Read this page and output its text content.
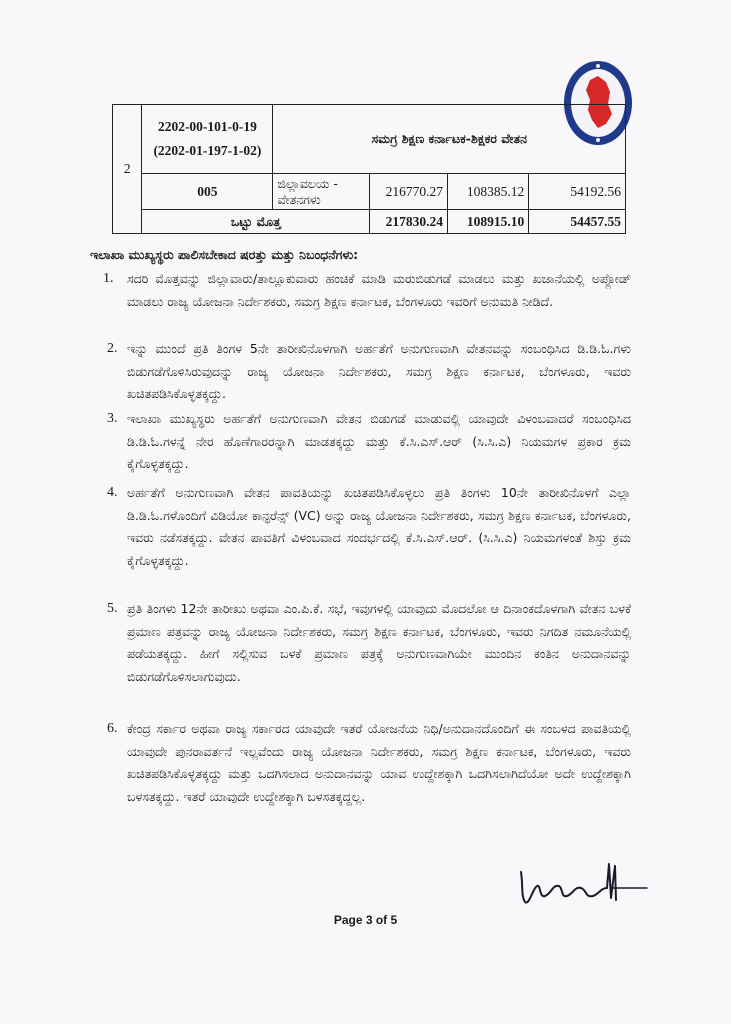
2	2202-00-101-0-19
(2202-01-197-1-02)	ಸಮಗ್ರ ಶಿಕ್ಷಣ ಕರ್ನಾಟಕ-ಶಿಕ್ಷಕರ ವೇತನ			
	005	ಜಿಲ್ಲಾವಲಯ - ವೇತನಗಳು	216770.27	108385.12	54192.56
	ಒಟ್ಟು ಮೊತ್ತ		217830.24	108915.10	54457.55
ಇಲಾಖಾ ಮುಖ್ಯಸ್ಥರು ಪಾಲಿಸಬೇಕಾದ ಷರತ್ತು ಮತ್ತು ನಿಬಂಧನೆಗಳು:
1.	ಸದರಿ ಮೊತ್ತವನ್ನು ಜಿಲ್ಲಾವಾರು/ತಾಲ್ಲೂಕುವಾರು ಹಂಚಿಕೆ ಮಾಡಿ ಮರುಬಿಡುಗಡೆ ಮಾಡಲು ಮತ್ತು ಖಜಾನೆಯಲ್ಲಿ ಅಪ್ಲೋಡ್ ಮಾಡಲು ರಾಜ್ಯ ಯೋಜನಾ ನಿರ್ದೇಶಕರು, ಸಮಗ್ರ ಶಿಕ್ಷಣ ಕರ್ನಾಟಕ, ಬೆಂಗಳೂರು ಇವರಿಗೆ ಅನುಮತಿ ನೀಡಿದೆ.
2. ಇನ್ನು ಮುಂದೆ ಪ್ರತಿ ತಿಂಗಳ 5ನೇ ತಾರೀಖಿನೊಳಗಾಗಿ ಅರ್ಹತೆಗೆ ಅನುಗುಣವಾಗಿ ವೇತನವನ್ನು ಸಂಬಂಧಿಸಿದ ಡಿ.ಡಿ.ಓ.ಗಳು ಬಿಡುಗಡೆಗೊಳಿಸಿರುವುದನ್ನು ರಾಜ್ಯ ಯೋಜನಾ ನಿರ್ದೇಶಕರು, ಸಮಗ್ರ ಶಿಕ್ಷಣ ಕರ್ನಾಟಕ, ಬೆಂಗಳೂರು, ಇವರು ಖಚಿತಪಡಿಸಿಕೊಳ್ಳತಕ್ಕದ್ದು.
3. ಇಲಾಖಾ ಮುಖ್ಯಸ್ಥರು ಅರ್ಹತೆಗೆ ಅನುಗುಣವಾಗಿ ವೇತನ ಬಿಡುಗಡೆ ಮಾಡುವಲ್ಲಿ ಯಾವುದೇ ವಿಳಂಬವಾದರೆ ಸಂಬಂಧಿಸಿದ ಡಿ.ಡಿ.ಓ.ಗಳನ್ನೆ ನೇರ ಹೊಣೆಗಾರರನ್ನಾಗಿ ಮಾಡತಕ್ಕದ್ದು ಮತ್ತು ಕೆ.ಸಿ.ಎಸ್.ಆರ್ (ಸಿ.ಸಿ.ಎ) ನಿಯಮಗಳ ಪ್ರಕಾರ ಕ್ರಮ ಕೈಗೊಳ್ಳತಕ್ಕದ್ದು.
4. ಅರ್ಹತೆಗೆ ಅನುಗುಣವಾಗಿ ವೇತನ ಪಾವತಿಯನ್ನು ಖಚಿತಪಡಿಸಿಕೊಳ್ಳಲು ಪ್ರತಿ ತಿಂಗಳು 10ನೇ ತಾರೀಖಿನೊಳಗೆ ಎಲ್ಲಾ ಡಿ.ಡಿ.ಓ.ಗಳೊಂದಿಗೆ ವಿಡಿಯೋ ಕಾನ್ಫರೆನ್ಸ್ (VC) ಅನ್ನು ರಾಜ್ಯ ಯೋಜನಾ ನಿರ್ದೇಶಕರು, ಸಮಗ್ರ ಶಿಕ್ಷಣ ಕರ್ನಾಟಕ, ಬೆಂಗಳೂರು, ಇವರು ನಡೆಸತಕ್ಕದ್ದು. ವೇತನ ಪಾವತಿಗೆ ವಿಳಂಬವಾದ ಸಂದರ್ಭದಲ್ಲಿ ಕೆ.ಸಿ.ಎಸ್.ಆರ್. (ಸಿ.ಸಿ.ಎ) ನಿಯಮಗಳಂತೆ ಶಿಸ್ತು ಕ್ರಮ ಕೈಗೊಳ್ಳತಕ್ಕದ್ದು.
5. ಪ್ರತಿ ತಿಂಗಳು 12ನೇ ತಾರೀಖು ಅಥವಾ ಎಂ.ಪಿ.ಕೆ. ಸಭೆ, ಇವುಗಳಲ್ಲಿ ಯಾವುದು ಮೊದಲೋ ಆ ದಿನಾಂಕದೊಳಗಾಗಿ ವೇತನ ಬಳಕೆ ಪ್ರಮಾಣ ಪತ್ರವನ್ನು ರಾಜ್ಯ ಯೋಜನಾ ನಿರ್ದೇಶಕರು, ಸಮಗ್ರ ಶಿಕ್ಷಣ ಕರ್ನಾಟಕ, ಬೆಂಗಳೂರು, ಇವರು ನಿಗದಿತ ನಮೂನೆಯಲ್ಲಿ ಪಡೆಯತಕ್ಕದ್ದು. ಹೀಗೆ ಸಲ್ಲಿಸುವ ಬಳಕೆ ಪ್ರಮಾಣ ಪತ್ರಕ್ಕೆ ಅನುಗುಣವಾಗಿಯೇ ಮುಂದಿನ ಕಂತಿನ ಅನುದಾನವನ್ನು ಬಿಡುಗಡೆಗೊಳಿಸಲಾಗುವುದು.
6. ಕೇಂದ್ರ ಸರ್ಕಾರ ಅಥವಾ ರಾಜ್ಯ ಸರ್ಕಾರದ ಯಾವುದೇ ಇತರೆ ಯೋಜನೆಯ ನಿಧಿ/ಅನುದಾನದೊಂದಿಗೆ ಈ ಸಂಬಳದ ಪಾವತಿಯಲ್ಲಿ ಯಾವುದೇ ಪುನರಾವರ್ತನೆ ಇಲ್ಲವೆಂದು ರಾಜ್ಯ ಯೋಜನಾ ನಿರ್ದೇಶಕರು, ಸಮಗ್ರ ಶಿಕ್ಷಣ ಕರ್ನಾಟಕ, ಬೆಂಗಳೂರು, ಇವರು ಖಚಿತಪಡಿಸಿಕೊಳ್ಳತಕ್ಕದ್ದು ಮತ್ತು ಒದಗಿಸಲಾದ ಅನುದಾನವನ್ನು ಯಾವ ಉದ್ದೇಶಕ್ಕಾಗಿ ಒದಗಿಸಲಾಗಿದೆಯೋ ಅದೇ ಉದ್ದೇಶಕ್ಕಾಗಿ ಬಳಸತಕ್ಕದ್ದು. ಇತರೆ ಯಾವುದೇ ಉದ್ದೇಶಕ್ಕಾಗಿ ಬಳಸತಕ್ಕದ್ದಲ್ಲ.
Page 3 of 5
